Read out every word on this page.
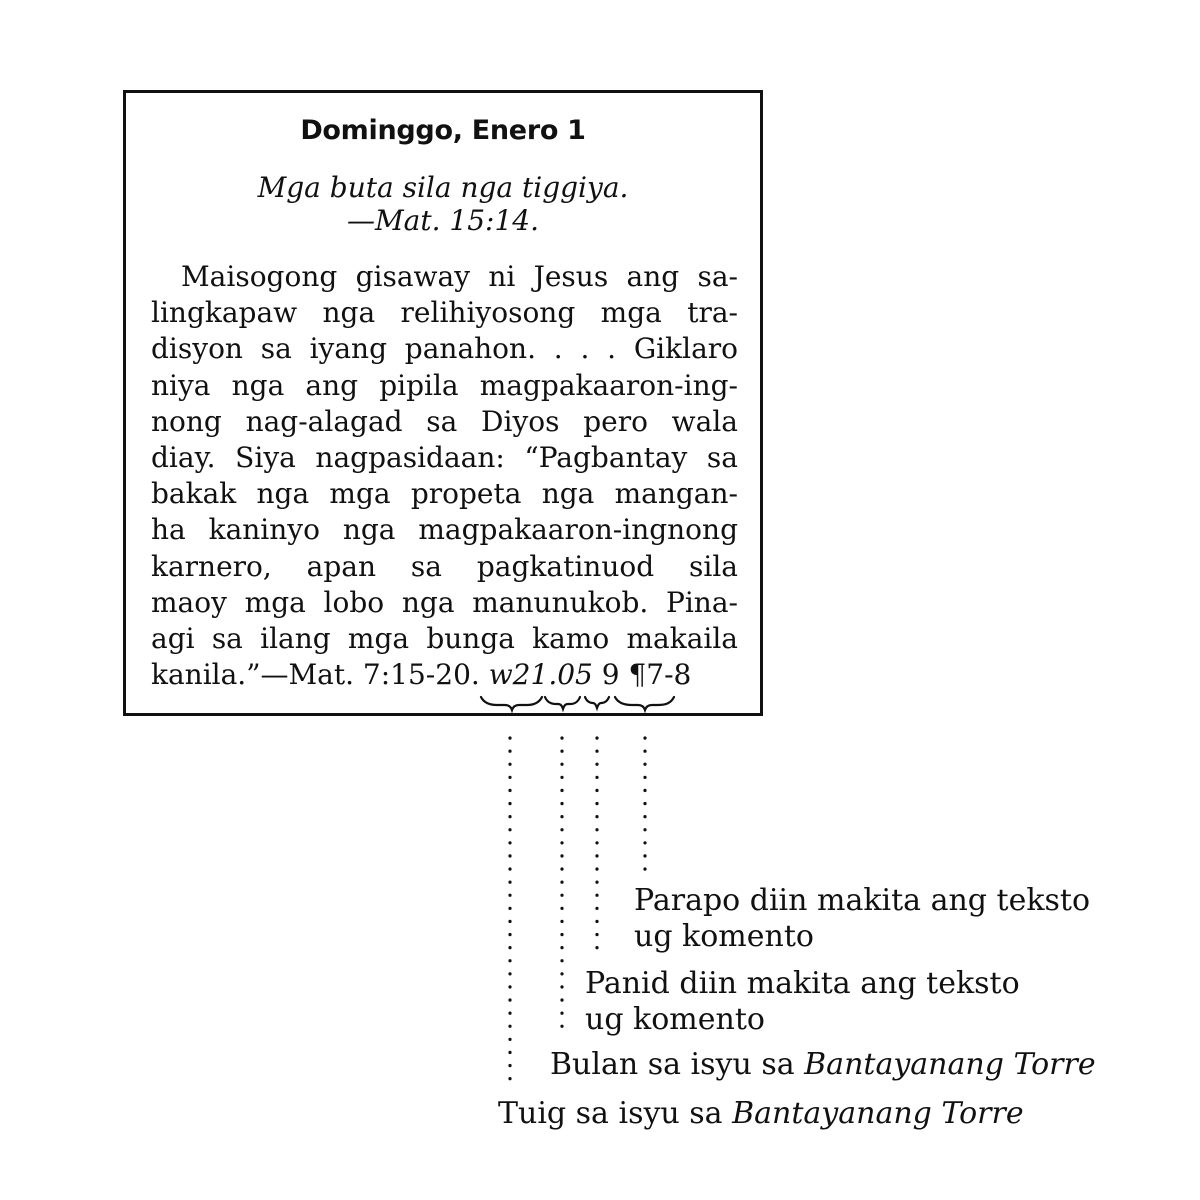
Dominggo, Enero 1
Mga buta sila nga tiggiya.
—Mat. 15:14.
Maisogong gisaway ni Jesus ang sa-
lingkapaw nga relihiyosong mga tra-
disyon sa iyang panahon. . . . Giklaro
niya nga ang pipila magpakaaron-ing-
nong nag-alagad sa Diyos pero wala
diay. Siya nagpasidaan: “Pagbantay sa
bakak nga mga propeta nga mangan-
ha kaninyo nga magpakaaron-ingnong
karnero, apan sa pagkatinuod sila
maoy mga lobo nga manunukob. Pina-
agi sa ilang mga bunga kamo makaila
kanila.”—Mat. 7:15-20. w21.05 9 ¶7-8
Parapo diin makita ang teksto
ug komento
Panid diin makita ang teksto
ug komento
Bulan sa isyu sa Bantayanang Torre
Tuig sa isyu sa Bantayanang Torre
